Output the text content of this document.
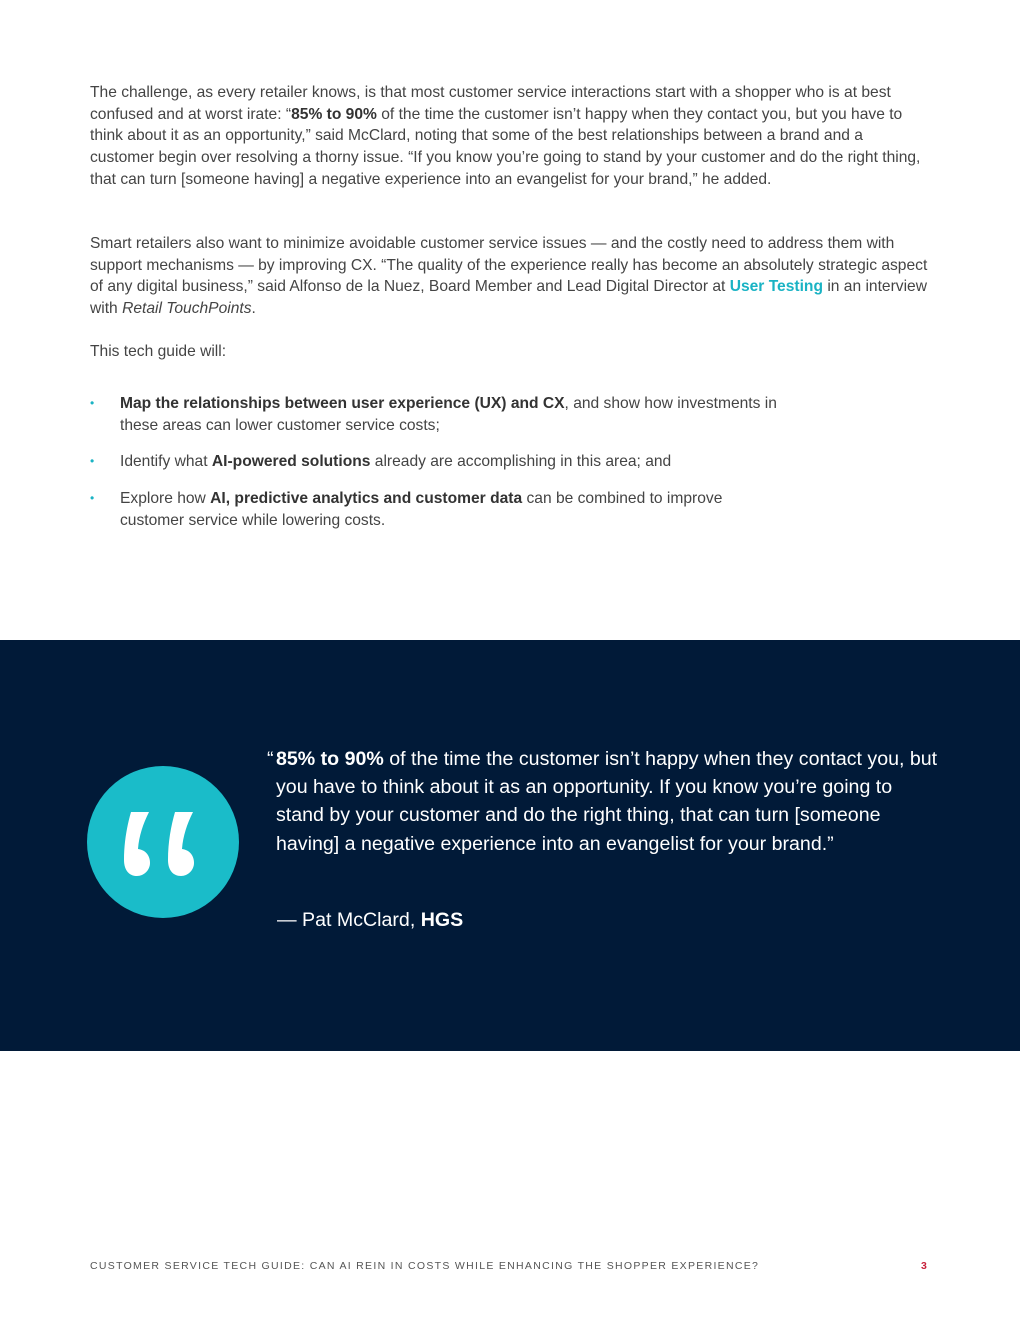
The challenge, as every retailer knows, is that most customer service interactions start with a shopper who is at best confused and at worst irate: “85% to 90% of the time the customer isn’t happy when they contact you, but you have to think about it as an opportunity,” said McClard, noting that some of the best relationships between a brand and a customer begin over resolving a thorny issue. “If you know you’re going to stand by your customer and do the right thing, that can turn [someone having] a negative experience into an evangelist for your brand,” he added.

Smart retailers also want to minimize avoidable customer service issues — and the costly need to address them with support mechanisms — by improving CX. “The quality of the experience really has become an absolutely strategic aspect of any digital business,” said Alfonso de la Nuez, Board Member and Lead Digital Director at User Testing in an interview with Retail TouchPoints.

This tech guide will:

• Map the relationships between user experience (UX) and CX, and show how investments in these areas can lower customer service costs;
• Identify what AI-powered solutions already are accomplishing in this area; and
• Explore how AI, predictive analytics and customer data can be combined to improve customer service while lowering costs.
“ 85% to 90% of the time the customer isn’t happy when they contact you, but you have to think about it as an opportunity. If you know you’re going to stand by your customer and do the right thing, that can turn [someone having] a negative experience into an evangelist for your brand.”
— Pat McClard, HGS
CUSTOMER SERVICE TECH GUIDE: CAN AI REIN IN COSTS WHILE ENHANCING THE SHOPPER EXPERIENCE?	3
